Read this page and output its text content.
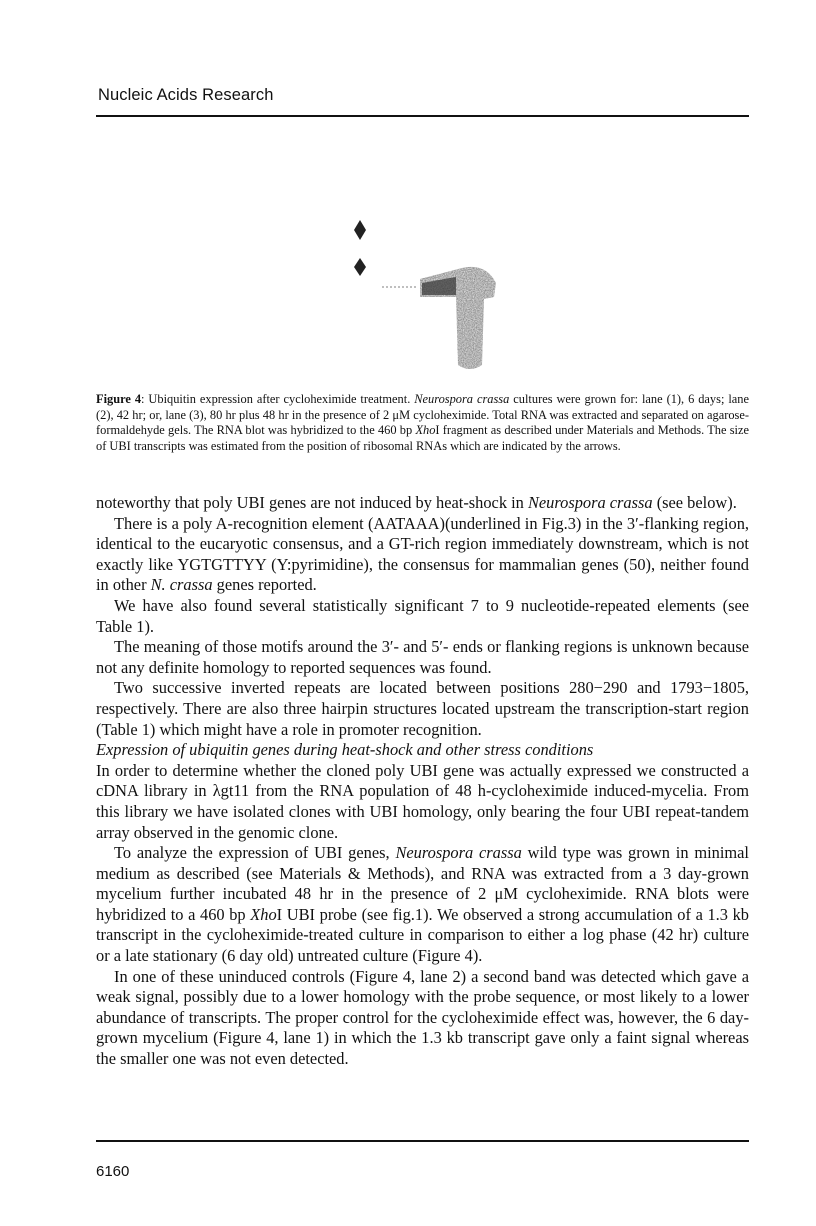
Nucleic Acids Research
Figure 4: Ubiquitin expression after cycloheximide treatment. Neurospora crassa cultures were grown for: lane (1), 6 days; lane (2), 42 hr; or, lane (3), 80 hr plus 48 hr in the presence of 2 μM cycloheximide. Total RNA was extracted and separated on agarose-formaldehyde gels. The RNA blot was hybridized to the 460 bp XhoI fragment as described under Materials and Methods. The size of UBI transcripts was estimated from the position of ribosomal RNAs which are indicated by the arrows.

noteworthy that poly UBI genes are not induced by heat-shock in Neurospora crassa (see below).

There is a poly A-recognition element (AATAAA)(underlined in Fig.3) in the 3′-flanking region, identical to the eucaryotic consensus, and a GT-rich region immediately downstream, which is not exactly like YGTGTTYY (Y:pyrimidine), the consensus for mammalian genes (50), neither found in other N. crassa genes reported.

We have also found several statistically significant 7 to 9 nucleotide-repeated elements (see Table 1).

The meaning of those motifs around the 3′- and 5′- ends or flanking regions is unknown because not any definite homology to reported sequences was found.

Two successive inverted repeats are located between positions 280−290 and 1793−1805, respectively. There are also three hairpin structures located upstream the transcription-start region (Table 1) which might have a role in promoter recognition.

Expression of ubiquitin genes during heat-shock and other stress conditions

In order to determine whether the cloned poly UBI gene was actually expressed we constructed a cDNA library in λgt11 from the RNA population of 48 h-cycloheximide induced-mycelia. From this library we have isolated clones with UBI homology, only bearing the four UBI repeat-tandem array observed in the genomic clone.

To analyze the expression of UBI genes, Neurospora crassa wild type was grown in minimal medium as described (see Materials & Methods), and RNA was extracted from a 3 day-grown mycelium further incubated 48 hr in the presence of 2 μM cycloheximide. RNA blots were hybridized to a 460 bp XhoI UBI probe (see fig.1). We observed a strong accumulation of a 1.3 kb transcript in the cycloheximide-treated culture in comparison to either a log phase (42 hr) culture or a late stationary (6 day old) untreated culture (Figure 4).

In one of these uninduced controls (Figure 4, lane 2) a second band was detected which gave a weak signal, possibly due to a lower homology with the probe sequence, or most likely to a lower abundance of transcripts. The proper control for the cycloheximide effect was, however, the 6 day-grown mycelium (Figure 4, lane 1) in which the 1.3 kb transcript gave only a faint signal whereas the smaller one was not even detected.

6160
